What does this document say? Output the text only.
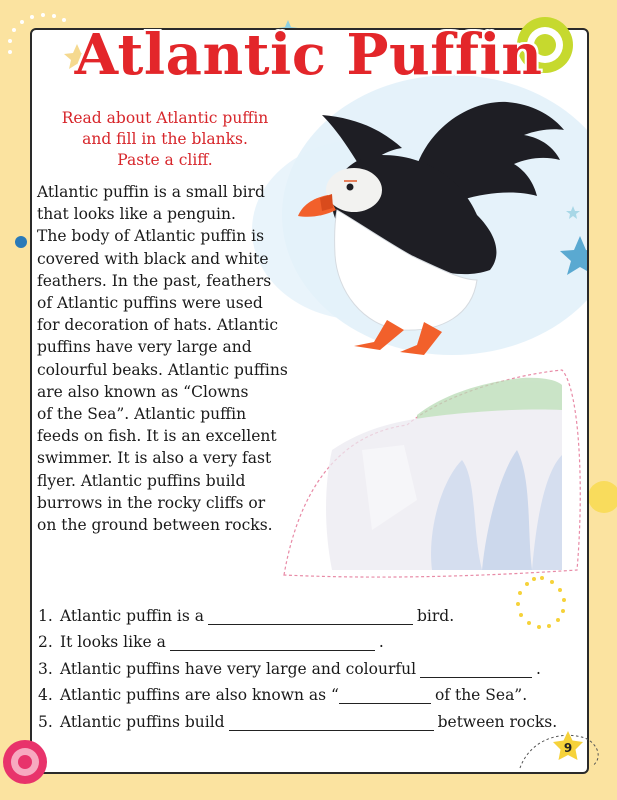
Atlantic Puffin
Read about Atlantic puffin
and fill in the blanks.
Paste a cliff.
Atlantic puffin is a small bird
that looks like a penguin.
The body of Atlantic puffin is
covered with black and white
feathers. In the past, feathers
of Atlantic puffins were used
for decoration of hats. Atlantic
puffins have very large and
colourful beaks. Atlantic puffins
are also known as “Clowns
of the Sea”. Atlantic puffin
feeds on fish. It is an excellent
swimmer. It is also a very fast
flyer. Atlantic puffins build
burrows in the rocky cliffs or
on the ground between rocks.
1. Atlantic puffin is a	bird.
2. It looks like a	.
3. Atlantic puffins have very large and colourful	.
4. Atlantic puffins are also known as “	of the Sea”.
5. Atlantic puffins build	between rocks.
9
